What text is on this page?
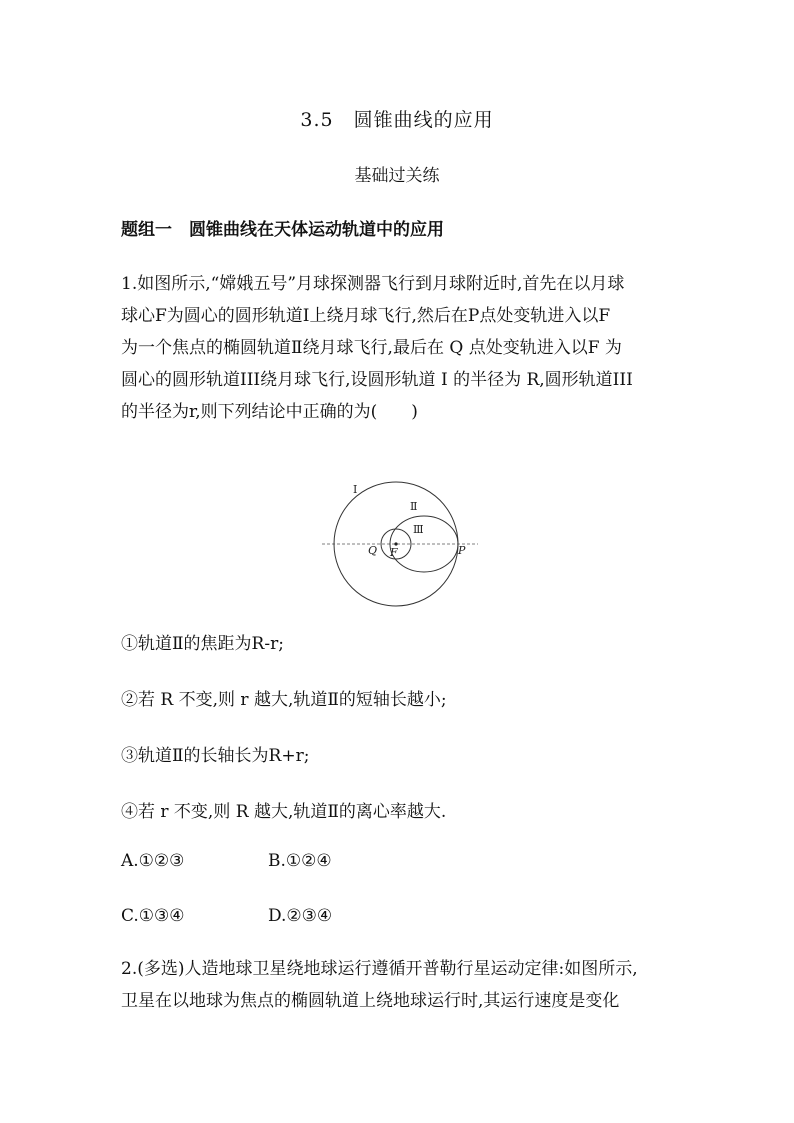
3.5　圆锥曲线的应用
基础过关练
题组一　圆锥曲线在天体运动轨道中的应用
1.如图所示,“嫦娥五号”月球探测器飞行到月球附近时,首先在以月球
球心F为圆心的圆形轨道Ⅰ上绕月球飞行,然后在P点处变轨进入以F
为一个焦点的椭圆轨道Ⅱ绕月球飞行,最后在 Q 点处变轨进入以F 为
圆心的圆形轨道III绕月球飞行,设圆形轨道 Ⅰ 的半径为 R,圆形轨道III
的半径为r,则下列结论中正确的为(　　)
Ⅰ
Ⅱ
Ⅲ
Q F	P
①轨道Ⅱ的焦距为R-r;
②若 R 不变,则 r 越大,轨道Ⅱ的短轴长越小;
③轨道Ⅱ的长轴长为R+r;
④若 r 不变,则 R 越大,轨道Ⅱ的离心率越大.
A.①②③	B.①②④
C.①③④	D.②③④
2.(多选)人造地球卫星绕地球运行遵循开普勒行星运动定律:如图所示,
卫星在以地球为焦点的椭圆轨道上绕地球运行时,其运行速度是变化
